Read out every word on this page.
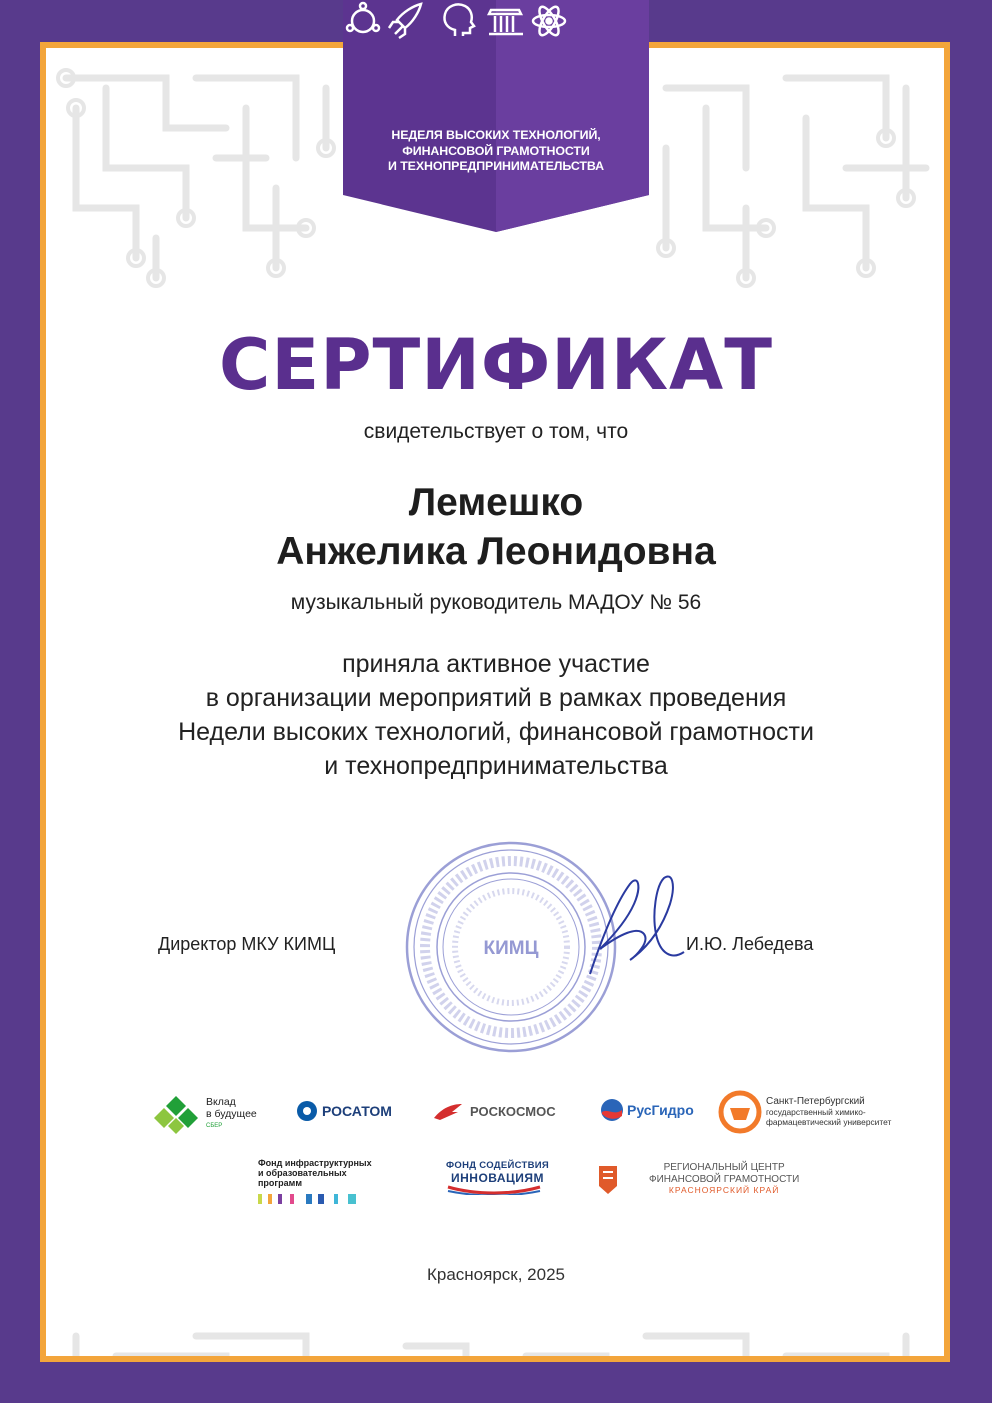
НЕДЕЛЯ ВЫСОКИХ ТЕХНОЛОГИЙ,
ФИНАНСОВОЙ ГРАМОТНОСТИ
И ТЕХНОПРЕДПРИНИМАТЕЛЬСТВА
СЕРТИФИКАТ
свидетельствует о том, что
Лемешко
Анжелика Леонидовна
музыкальный руководитель МАДОУ № 56
приняла активное участие
в организации мероприятий в рамках проведения
Недели высоких технологий, финансовой грамотности
и технопредпринимательства
Директор МКУ КИМЦ	И.Ю. Лебедева
КИМЦ
Вклад
в будущее
СБЕР
РОСАТОМ	РОСКОСМОС	РусГидро
Санкт-Петербургский
государственный химико-
фармацевтический университет
Фонд инфраструктурных
и образовательных
программ
ФОНД СОДЕЙСТВИЯ
ИННОВАЦИЯМ
РЕГИОНАЛЬНЫЙ ЦЕНТР
ФИНАНСОВОЙ ГРАМОТНОСТИ
КРАСНОЯРСКИЙ КРАЙ
Красноярск, 2025
